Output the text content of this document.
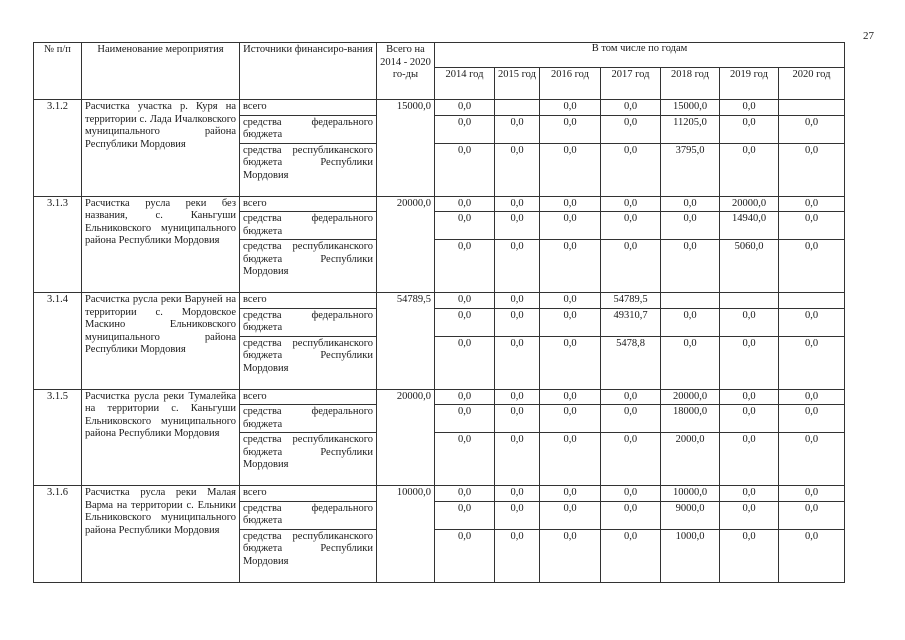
27
№ п/п	Наименование мероприятия	Источники финансиро-вания	Всего на 2014 - 2020 го-ды	В том числе по годам						
				2014 год	2015 год	2016 год	2017 год	2018 год	2019 год	2020 год
3.1.2	Расчистка участка р. Куря на территории с. Лада Ичалковского муниципального района Республики Мордовия	всего	15000,0	0,0		0,0	0,0	15000,0	0,0	
		средства федерального бюджета		0,0	0,0	0,0	0,0	11205,0	0,0	0,0
		средства республиканского бюджета Республики Мордовия		0,0	0,0	0,0	0,0	3795,0	0,0	0,0
3.1.3	Расчистка русла реки без названия, с. Каньгуши Ельниковского муниципального района Республики Мордовия	всего	20000,0	0,0	0,0	0,0	0,0	0,0	20000,0	0,0
		средства федерального бюджета		0,0	0,0	0,0	0,0	0,0	14940,0	0,0
		средства республиканского бюджета Республики Мордовия		0,0	0,0	0,0	0,0	0,0	5060,0	0,0
3.1.4	Расчистка русла реки Варуней на территории с. Мордовское Маскино Ельниковского муниципального района Республики Мордовия	всего	54789,5	0,0	0,0	0,0	54789,5			
		средства федерального бюджета		0,0	0,0	0,0	49310,7	0,0	0,0	0,0
		средства республиканского бюджета Республики Мордовия		0,0	0,0	0,0	5478,8	0,0	0,0	0,0
3.1.5	Расчистка русла реки Тумалейка на территории с. Каньгуши Ельниковского муниципального района Республики Мордовия	всего	20000,0	0,0	0,0	0,0	0,0	20000,0	0,0	0,0
		средства федерального бюджета		0,0	0,0	0,0	0,0	18000,0	0,0	0,0
		средства республиканского бюджета Республики Мордовия		0,0	0,0	0,0	0,0	2000,0	0,0	0,0
3.1.6	Расчистка русла реки Малая Варма на территории с. Ельники Ельниковского муниципального района Республики Мордовия	всего	10000,0	0,0	0,0	0,0	0,0	10000,0	0,0	0,0
		средства федерального бюджета		0,0	0,0	0,0	0,0	9000,0	0,0	0,0
		средства республиканского бюджета Республики Мордовия		0,0	0,0	0,0	0,0	1000,0	0,0	0,0
